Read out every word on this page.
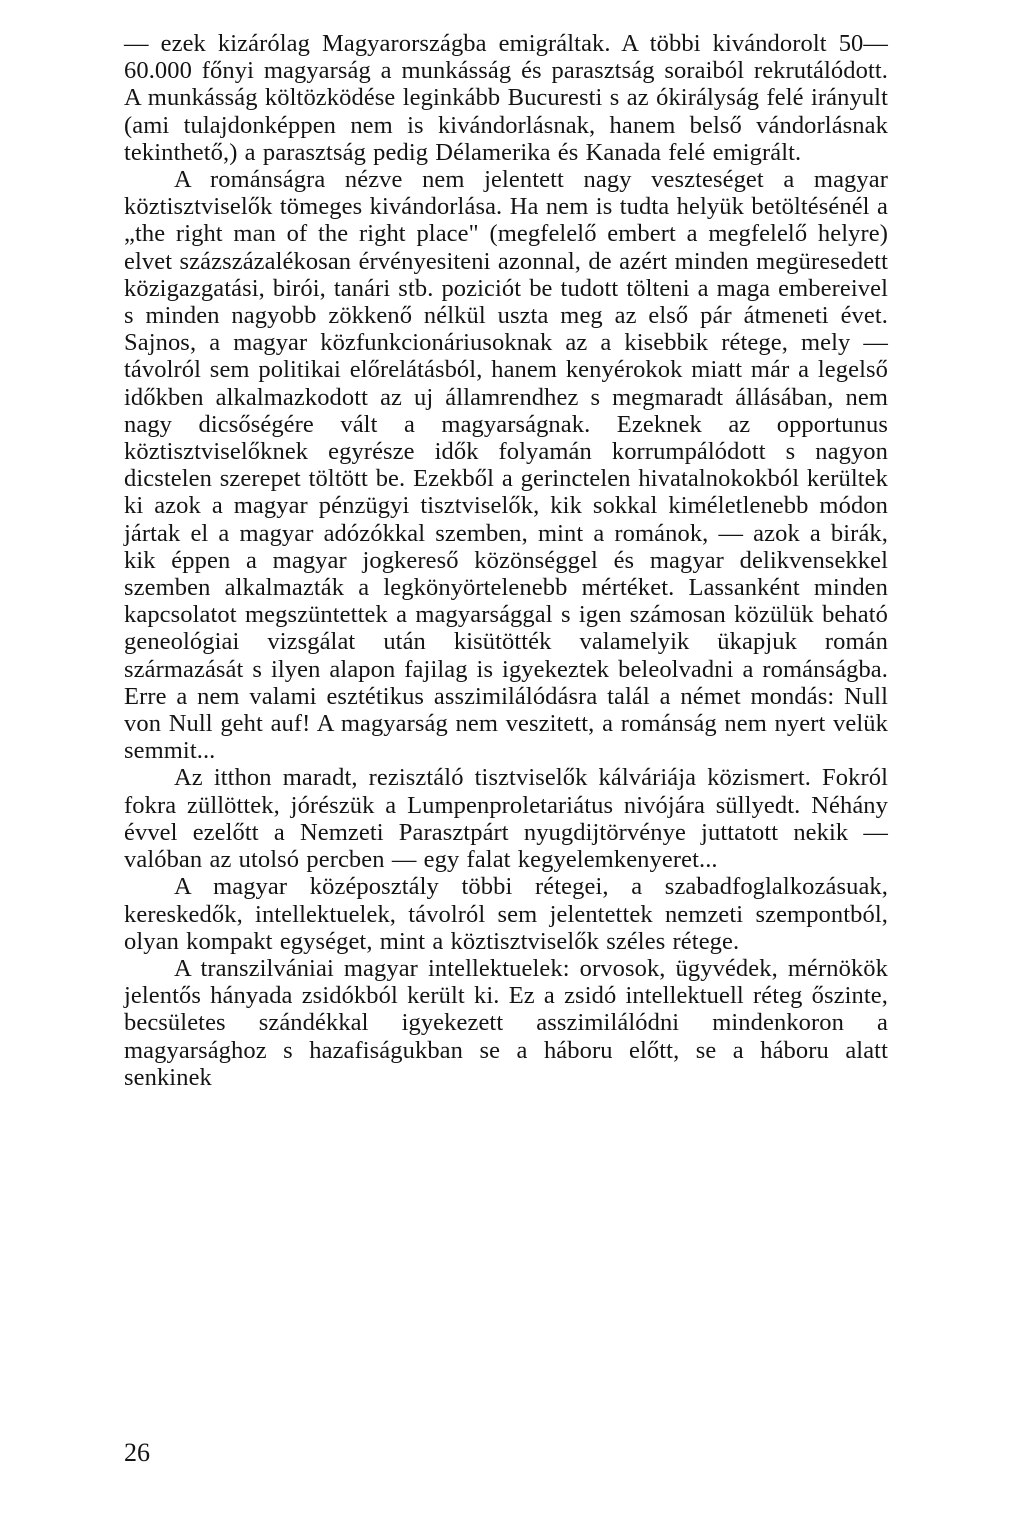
— ezek kizárólag Magyarországba emigráltak. A többi kivándorolt 50—60.000 főnyi magyarság a munkásság és parasztság soraiból rekrutálódott. A munkásság költözködése leginkább Bucuresti s az ókirályság felé irányult (ami tulajdonképpen nem is kivándorlásnak, hanem belső vándorlásnak tekinthető,) a parasztság pedig Délamerika és Kanada felé emigrált.

A románságra nézve nem jelentett nagy veszteséget a magyar köztisztviselők tömeges kivándorlása. Ha nem is tudta helyük betöltésénél a „the right man of the right place" (megfelelő embert a megfelelő helyre) elvet százszázalékosan érvényesiteni azonnal, de azért minden megüresedett közigazgatási, birói, tanári stb. poziciót be tudott tölteni a maga embereivel s minden nagyobb zökkenő nélkül uszta meg az első pár átmeneti évet. Sajnos, a magyar közfunkcionáriusoknak az a kisebbik rétege, mely — távolról sem politikai előrelátásból, hanem kenyérokok miatt már a legelső időkben alkalmazkodott az uj államrendhez s megmaradt állásában, nem nagy dicsőségére vált a magyarságnak. Ezeknek az opportunus köztisztviselőknek egyrésze idők folyamán korrumpálódott s nagyon dicstelen szerepet töltött be. Ezekből a gerinctelen hivatalnokokból kerültek ki azok a magyar pénzügyi tisztviselők, kik sokkal kiméletlenebb módon jártak el a magyar adózókkal szemben, mint a románok, — azok a birák, kik éppen a magyar jogkereső közönséggel és magyar delikvensekkel szemben alkalmazták a legkönyörtelenebb mértéket. Lassanként minden kapcsolatot megszüntettek a magyarsággal s igen számosan közülük beható geneológiai vizsgálat után kisütötték valamelyik ükapjuk román származását s ilyen alapon fajilag is igyekeztek beleolvadni a románságba. Erre a nem valami esztétikus asszimilálódásra talál a német mondás: Null von Null geht auf! A magyarság nem veszitett, a románság nem nyert velük semmit...

Az itthon maradt, rezisztáló tisztviselők kálváriája közismert. Fokról fokra züllöttek, jórészük a Lumpenproletariátus nivójára süllyedt. Néhány évvel ezelőtt a Nemzeti Parasztpárt nyugdijtörvénye juttatott nekik — valóban az utolsó percben — egy falat kegyelemkenyeret...

A magyar középosztály többi rétegei, a szabadfoglalkozásuak, kereskedők, intellektuelek, távolról sem jelentettek nemzeti szempontból, olyan kompakt egységet, mint a köztisztviselők széles rétege.

A transzilvániai magyar intellektuelek: orvosok, ügyvédek, mérnökök jelentős hányada zsidókból került ki. Ez a zsidó intellektuell réteg őszinte, becsületes szándékkal igyekezett asszimilálódni mindenkoron a magyarsághoz s hazafiságukban se a háboru előtt, se a háboru alatt senkinek

26
